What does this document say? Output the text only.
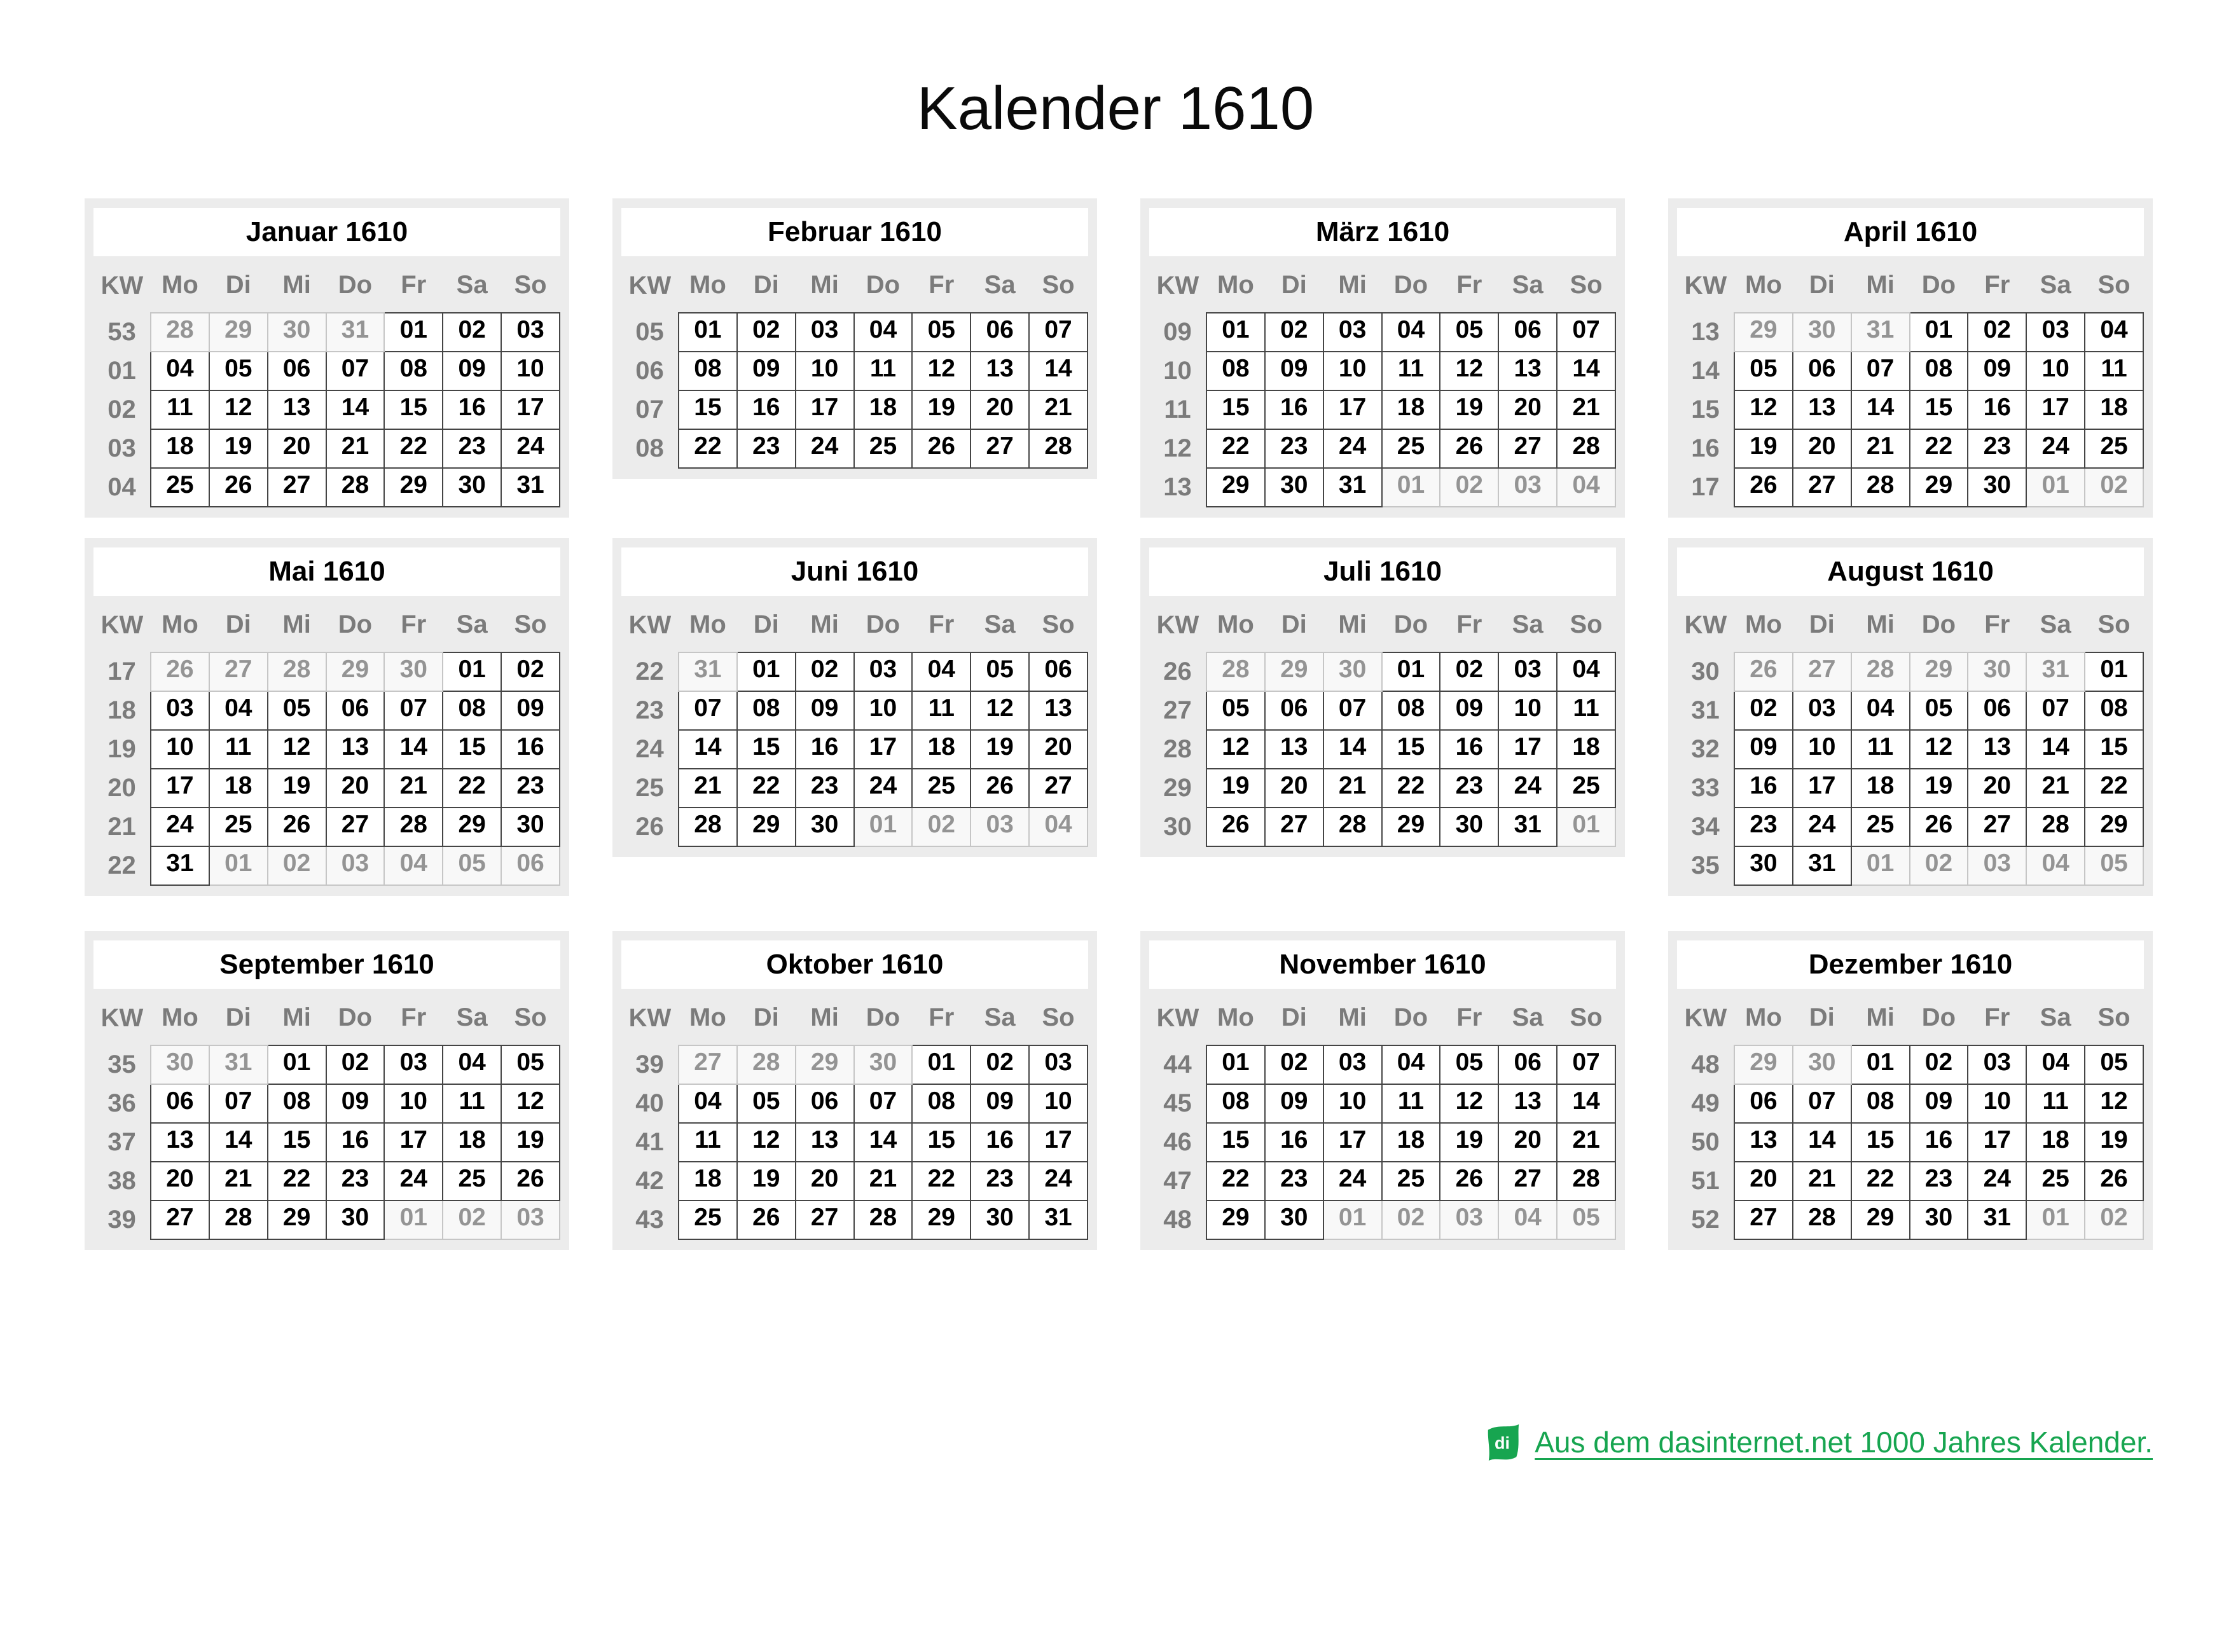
Kalender 1610
Januar 1610
KW	Mo	Di	Mi	Do	Fr	Sa	So
53	28	29	30	31	01	02	03
01	04	05	06	07	08	09	10
02	11	12	13	14	15	16	17
03	18	19	20	21	22	23	24
04	25	26	27	28	29	30	31
Februar 1610
KW	Mo	Di	Mi	Do	Fr	Sa	So
05	01	02	03	04	05	06	07
06	08	09	10	11	12	13	14
07	15	16	17	18	19	20	21
08	22	23	24	25	26	27	28
März 1610
KW	Mo	Di	Mi	Do	Fr	Sa	So
09	01	02	03	04	05	06	07
10	08	09	10	11	12	13	14
11	15	16	17	18	19	20	21
12	22	23	24	25	26	27	28
13	29	30	31	01	02	03	04
April 1610
KW	Mo	Di	Mi	Do	Fr	Sa	So
13	29	30	31	01	02	03	04
14	05	06	07	08	09	10	11
15	12	13	14	15	16	17	18
16	19	20	21	22	23	24	25
17	26	27	28	29	30	01	02
Mai 1610
KW	Mo	Di	Mi	Do	Fr	Sa	So
17	26	27	28	29	30	01	02
18	03	04	05	06	07	08	09
19	10	11	12	13	14	15	16
20	17	18	19	20	21	22	23
21	24	25	26	27	28	29	30
22	31	01	02	03	04	05	06
Juni 1610
KW	Mo	Di	Mi	Do	Fr	Sa	So
22	31	01	02	03	04	05	06
23	07	08	09	10	11	12	13
24	14	15	16	17	18	19	20
25	21	22	23	24	25	26	27
26	28	29	30	01	02	03	04
Juli 1610
KW	Mo	Di	Mi	Do	Fr	Sa	So
26	28	29	30	01	02	03	04
27	05	06	07	08	09	10	11
28	12	13	14	15	16	17	18
29	19	20	21	22	23	24	25
30	26	27	28	29	30	31	01
August 1610
KW	Mo	Di	Mi	Do	Fr	Sa	So
30	26	27	28	29	30	31	01
31	02	03	04	05	06	07	08
32	09	10	11	12	13	14	15
33	16	17	18	19	20	21	22
34	23	24	25	26	27	28	29
35	30	31	01	02	03	04	05
September 1610
KW	Mo	Di	Mi	Do	Fr	Sa	So
35	30	31	01	02	03	04	05
36	06	07	08	09	10	11	12
37	13	14	15	16	17	18	19
38	20	21	22	23	24	25	26
39	27	28	29	30	01	02	03
Oktober 1610
KW	Mo	Di	Mi	Do	Fr	Sa	So
39	27	28	29	30	01	02	03
40	04	05	06	07	08	09	10
41	11	12	13	14	15	16	17
42	18	19	20	21	22	23	24
43	25	26	27	28	29	30	31
November 1610
KW	Mo	Di	Mi	Do	Fr	Sa	So
44	01	02	03	04	05	06	07
45	08	09	10	11	12	13	14
46	15	16	17	18	19	20	21
47	22	23	24	25	26	27	28
48	29	30	01	02	03	04	05
Dezember 1610
KW	Mo	Di	Mi	Do	Fr	Sa	So
48	29	30	01	02	03	04	05
49	06	07	08	09	10	11	12
50	13	14	15	16	17	18	19
51	20	21	22	23	24	25	26
52	27	28	29	30	31	01	02
di Aus dem dasinternet.net 1000 Jahres Kalender.
